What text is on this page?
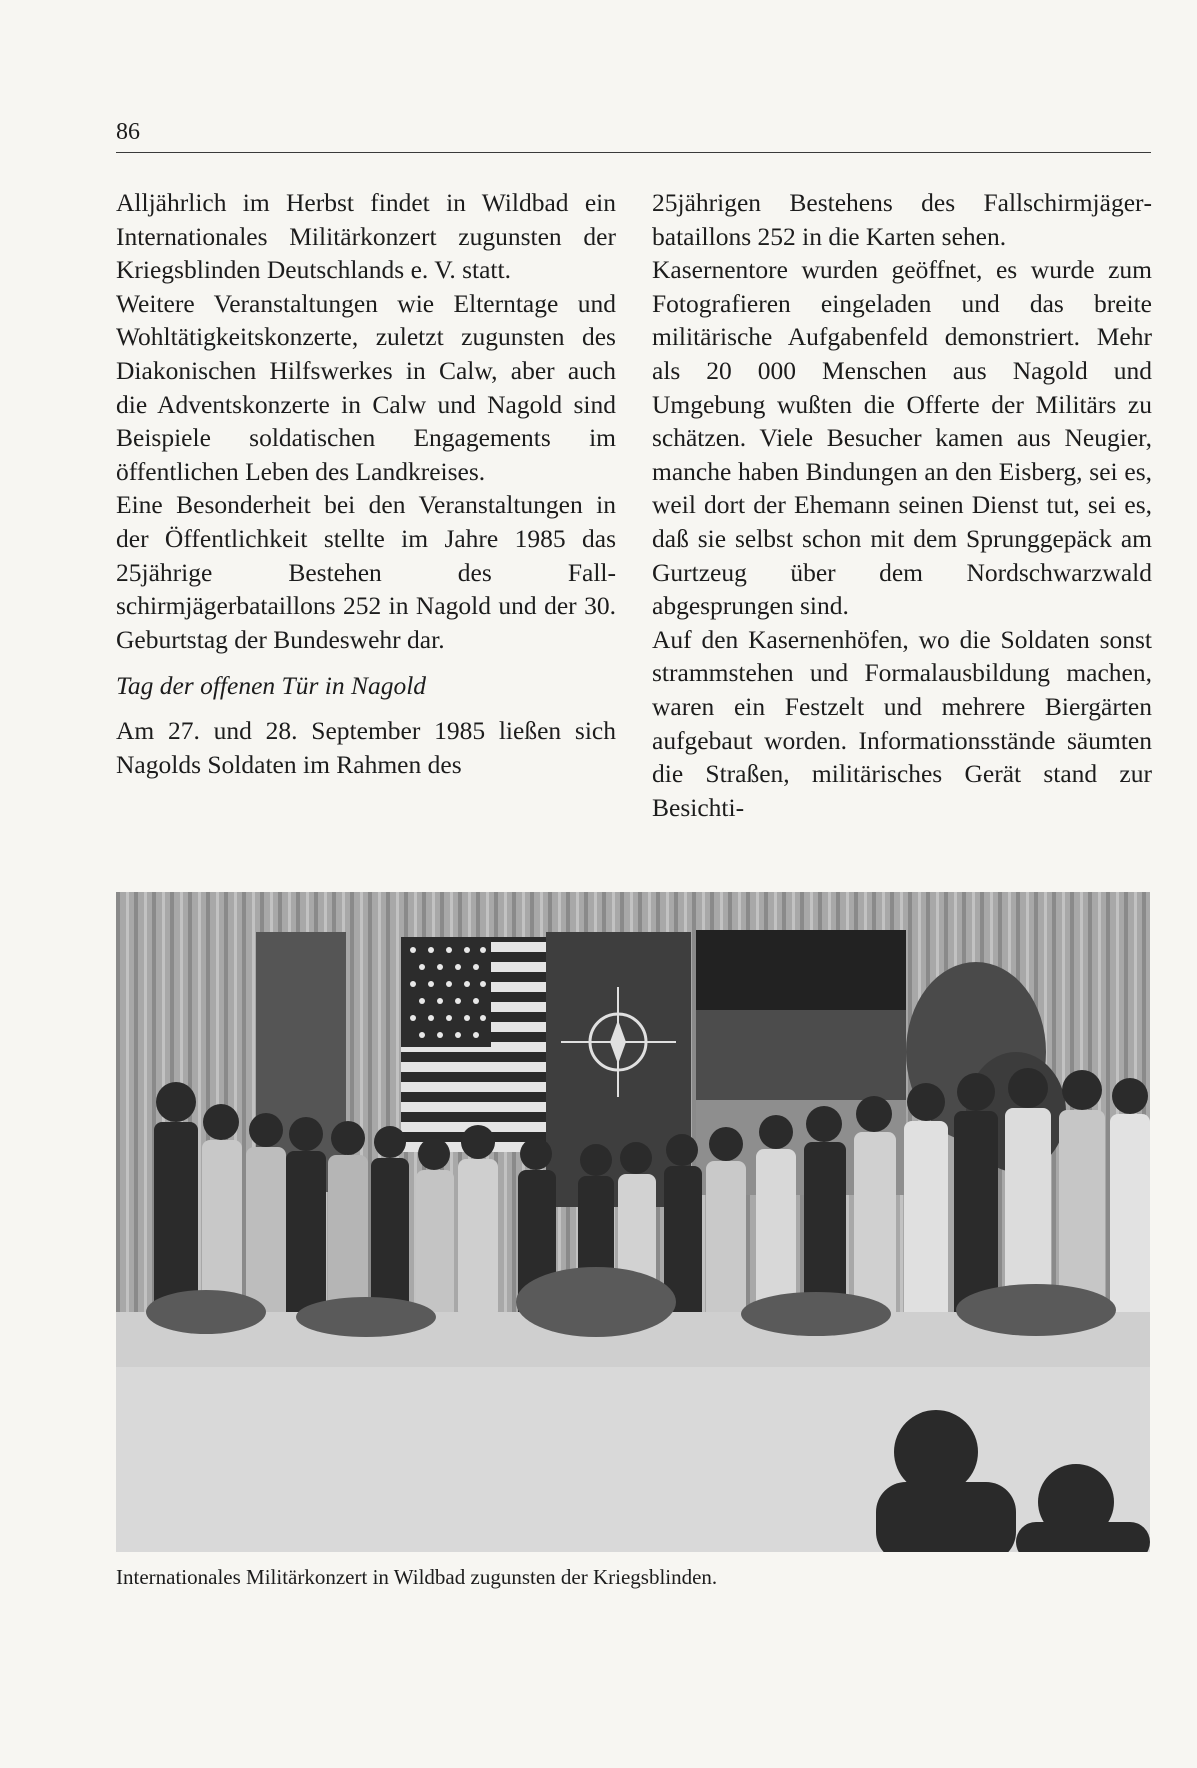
86

Alljährlich im Herbst findet in Wildbad ein Internationales Militärkonzert zugunsten der Kriegsblinden Deutschlands e. V. statt.

Weitere Veranstaltungen wie Elterntage und Wohltätigkeitskonzerte, zuletzt zugunsten des Diakonischen Hilfswerkes in Calw, aber auch die Adventskonzerte in Calw und Nagold sind Beispiele soldatischen Engagements im öffentlichen Leben des Landkreises.

Eine Besonderheit bei den Veranstaltungen in der Öffentlichkeit stellte im Jahre 1985 das 25jährige Bestehen des Fallschirmjägerbataillons 252 in Nagold und der 30. Geburtstag der Bundeswehr dar.

Tag der offenen Tür in Nagold

Am 27. und 28. September 1985 ließen sich Nagolds Soldaten im Rahmen des

25jährigen Bestehens des Fallschirmjägerbataillons 252 in die Karten sehen.

Kasernentore wurden geöffnet, es wurde zum Fotografieren eingeladen und das breite militärische Aufgabenfeld demonstriert. Mehr als 20 000 Menschen aus Nagold und Umgebung wußten die Offerte der Militärs zu schätzen. Viele Besucher kamen aus Neugier, manche haben Bindungen an den Eisberg, sei es, weil dort der Ehemann seinen Dienst tut, sei es, daß sie selbst schon mit dem Sprunggepäck am Gurtzeug über dem Nordschwarzwald abgesprungen sind.

Auf den Kasernenhöfen, wo die Soldaten sonst strammstehen und Formalausbildung machen, waren ein Festzelt und mehrere Biergärten aufgebaut worden. Informationsstände säumten die Straßen, militärisches Gerät stand zur Besichti-

Internationales Militärkonzert in Wildbad zugunsten der Kriegsblinden.
